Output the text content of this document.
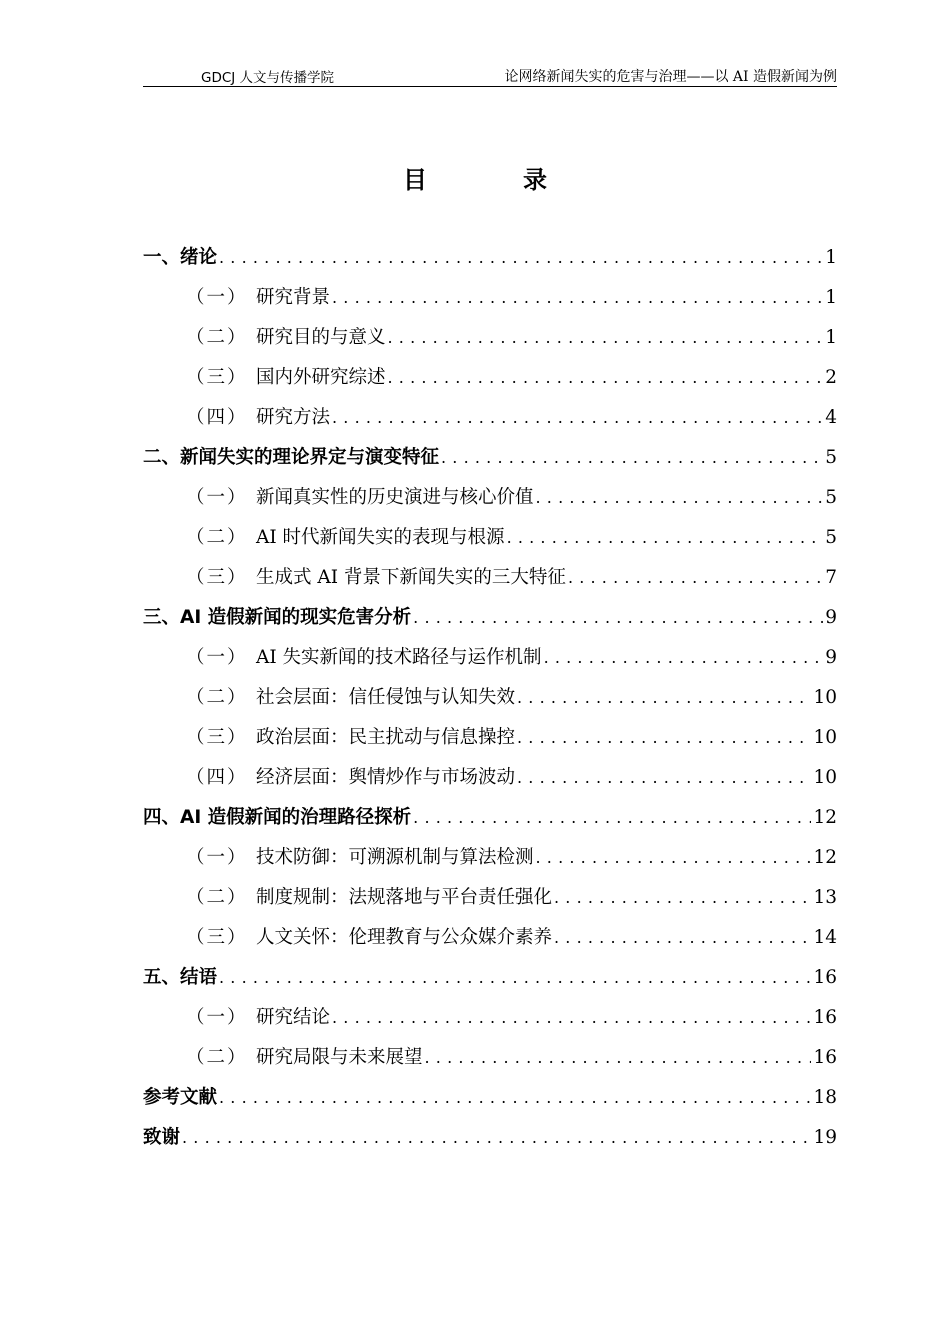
GDCJ 人文与传播学院	论网络新闻失实的危害与治理——以 AI 造假新闻为例
目录
一、绪论 .....	1
（一） 研究背景 .....	1
（二） 研究目的与意义 .....	1
（三） 国内外研究综述 .....	2
（四） 研究方法 .....	4
二、新闻失实的理论界定与演变特征 .....	5
（一） 新闻真实性的历史演进与核心价值 .....	5
（二） AI 时代新闻失实的表现与根源 .....	5
（三） 生成式 AI 背景下新闻失实的三大特征 .....	7
三、AI 造假新闻的现实危害分析 .....	9
（一） AI 失实新闻的技术路径与运作机制 .....	9
（二） 社会层面：信任侵蚀与认知失效 .....	10
（三） 政治层面：民主扰动与信息操控 .....	10
（四） 经济层面：舆情炒作与市场波动 .....	10
四、AI 造假新闻的治理路径探析 .....	12
（一） 技术防御：可溯源机制与算法检测 .....	12
（二） 制度规制：法规落地与平台责任强化 .....	13
（三） 人文关怀：伦理教育与公众媒介素养 .....	14
五、结语 .....	16
（一） 研究结论 .....	16
（二） 研究局限与未来展望 .....	16
参考文献 .....	18
致谢 .....	19
